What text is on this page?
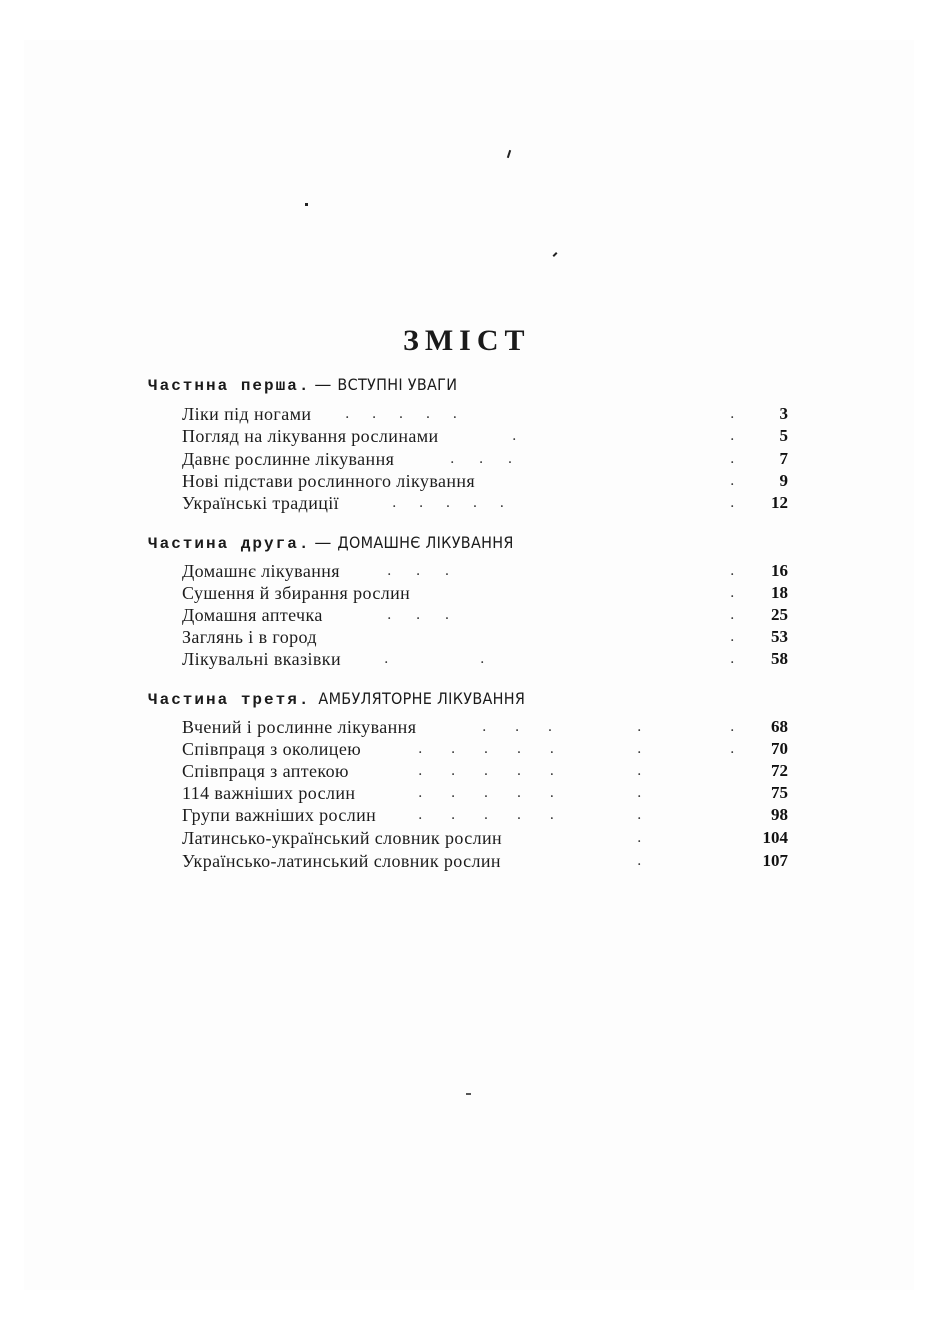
ЗМІСТ
Частнна перша. — ВСТУПНІ УВАГИ
Ліки під ногами . . . . .	.	3
Погляд на лікування рослинами	.	.	5
Давнє рослинне лікування	. . .	.	7
Нові підстави рослинного лікування	.	9
Українські традиції	. . . . .	. 12
Частина друга. — ДОМАШНЄ ЛІКУВАННЯ
Домашнє лікування	. . .	. 16
Сушення й збирання рослин	. 18
Домашня аптечка	. . .	. 25
Заглянь і в город	. 53
Лікувальні вказівки	.	.	. 58
Частина третя. АМБУЛЯТОРНЕ ЛІКУВАННЯ
Вчений і рослинне лікування	. . .	.	. 68
Співпраця з околицею	. . . . .	.	. 70
Співпраця з аптекою	. . . . .	.	72
114 важніших рослин	. . . . .	.	75
Групи важніших рослин	. . . . .	.	98
Латинсько-український словник рослин	.	104
Українсько-латинський словник рослин	.	107
